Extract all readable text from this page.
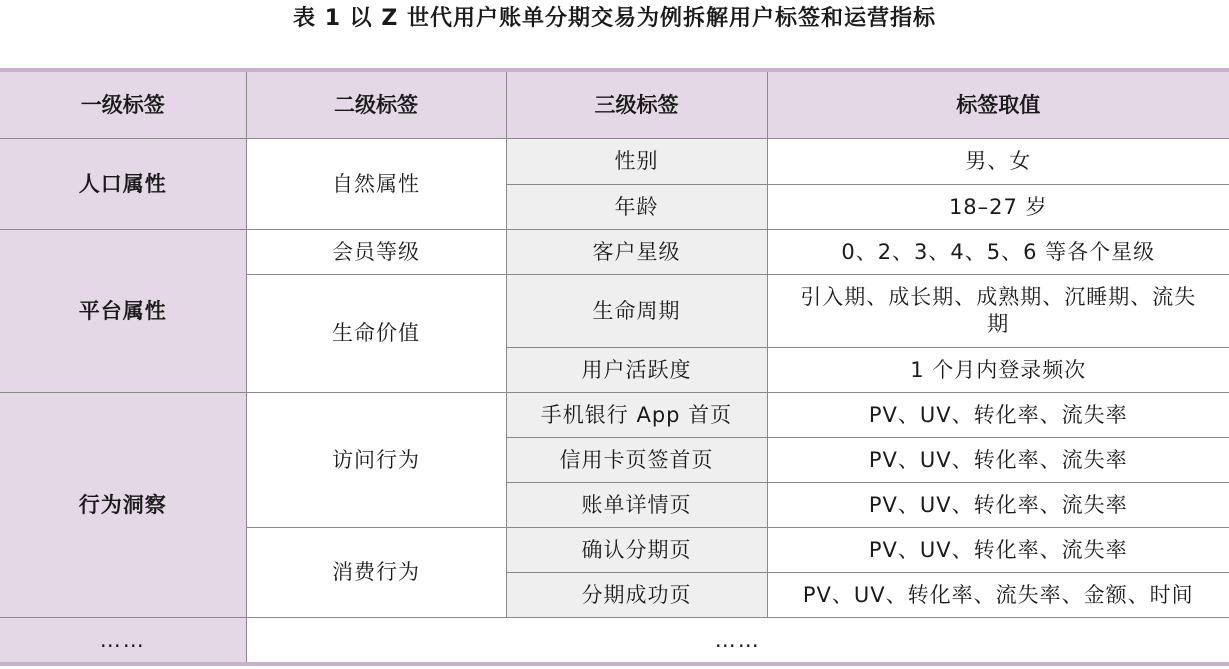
表 1 以 Z 世代用户账单分期交易为例拆解用户标签和运营指标
一级标签	二级标签	三级标签	标签取值
人口属性	自然属性	性别	男、女
		年龄	18–27 岁
平台属性	会员等级	客户星级	0、2、3、4、5、6 等各个星级
	生命价值	生命周期	引入期、成长期、成熟期、沉睡期、流失
期

		用户活跃度	1 个月内登录频次
行为洞察	访问行为	手机银行 App 首页	PV、UV、转化率、流失率
		信用卡页签首页	PV、UV、转化率、流失率
		账单详情页	PV、UV、转化率、流失率
	消费行为	确认分期页	PV、UV、转化率、流失率
		分期成功页	PV、UV、转化率、流失率、金额、时间
……	……		
